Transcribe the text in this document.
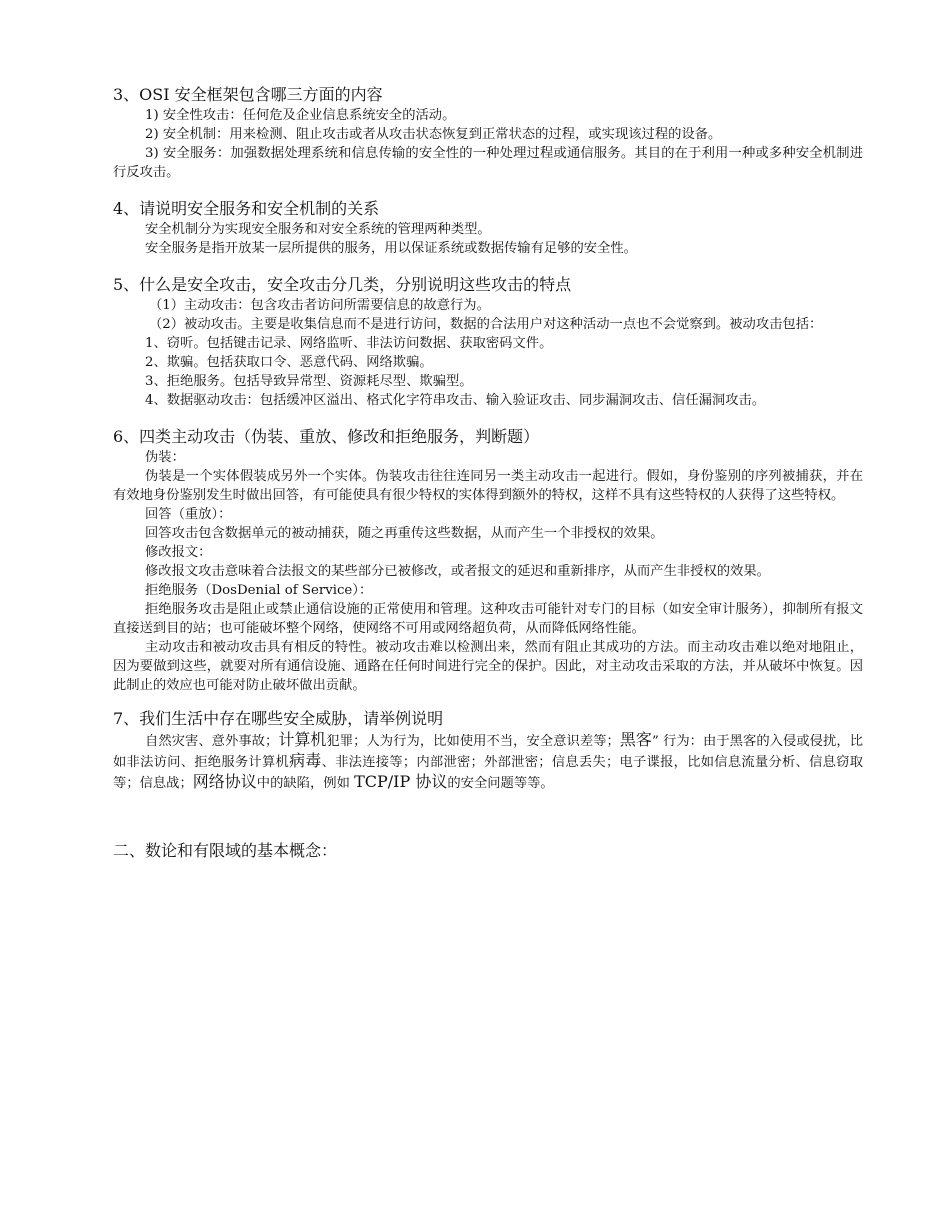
3、OSI 安全框架包含哪三方面的内容

1) 安全性攻击：任何危及企业信息系统安全的活动。

2) 安全机制：用来检测、阻止攻击或者从攻击状态恢复到正常状态的过程，或实现该过程的设备。

3) 安全服务：加强数据处理系统和信息传输的安全性的一种处理过程或通信服务。其目的在于利用一种或多种安全机制进行反攻击。

4、请说明安全服务和安全机制的关系

安全机制分为实现安全服务和对安全系统的管理两种类型。

安全服务是指开放某一层所提供的服务，用以保证系统或数据传输有足够的安全性。

5、什么是安全攻击，安全攻击分几类，分别说明这些攻击的特点

（1）主动攻击：包含攻击者访问所需要信息的故意行为。

（2）被动攻击。主要是收集信息而不是进行访问，数据的合法用户对这种活动一点也不会觉察到。被动攻击包括：

1、窃听。包括键击记录、网络监听、非法访问数据、获取密码文件。

2、欺骗。包括获取口令、恶意代码、网络欺骗。

3、拒绝服务。包括导致异常型、资源耗尽型、欺骗型。

4、数据驱动攻击：包括缓冲区溢出、格式化字符串攻击、输入验证攻击、同步漏洞攻击、信任漏洞攻击。

6、四类主动攻击（伪装、重放、修改和拒绝服务，判断题）

伪装：

伪装是一个实体假装成另外一个实体。伪装攻击往往连同另一类主动攻击一起进行。假如，身份鉴别的序列被捕获，并在有效地身份鉴别发生时做出回答，有可能使具有很少特权的实体得到额外的特权，这样不具有这些特权的人获得了这些特权。

回答（重放）：

回答攻击包含数据单元的被动捕获，随之再重传这些数据，从而产生一个非授权的效果。

修改报文：

修改报文攻击意味着合法报文的某些部分已被修改，或者报文的延迟和重新排序，从而产生非授权的效果。

拒绝服务（DosDenial of Service）：

拒绝服务攻击是阻止或禁止通信设施的正常使用和管理。这种攻击可能针对专门的目标（如安全审计服务），抑制所有报文直接送到目的站；也可能破坏整个网络，使网络不可用或网络超负荷，从而降低网络性能。

主动攻击和被动攻击具有相反的特性。被动攻击难以检测出来，然而有阻止其成功的方法。而主动攻击难以绝对地阻止，因为要做到这些，就要对所有通信设施、通路在任何时间进行完全的保护。因此，对主动攻击采取的方法，并从破坏中恢复。因此制止的效应也可能对防止破坏做出贡献。

7、我们生活中存在哪些安全威胁，请举例说明

自然灾害、意外事故；计算机犯罪；人为行为，比如使用不当，安全意识差等；黑客” 行为：由于黑客的入侵或侵扰，比如非法访问、拒绝服务计算机病毒、非法连接等；内部泄密；外部泄密；信息丢失；电子谍报，比如信息流量分析、信息窃取等；信息战；网络协议中的缺陷，例如 TCP/IP 协议的安全问题等等。

二、数论和有限域的基本概念：
